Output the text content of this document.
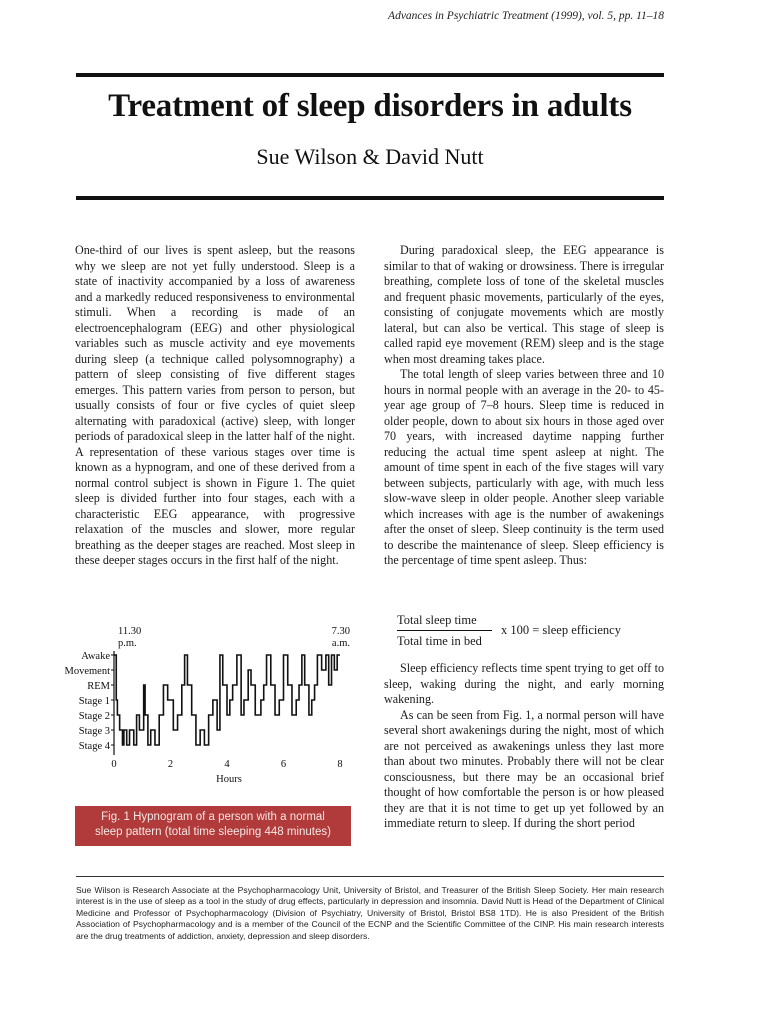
Advances in Psychiatric Treatment (1999), vol. 5, pp. 11–18
Treatment of sleep disorders in adults
Sue Wilson & David Nutt

One-third of our lives is spent asleep, but the reasons why we sleep are not yet fully understood. Sleep is a state of inactivity accompanied by a loss of awareness and a markedly reduced responsiveness to environmental stimuli. When a recording is made of an electroencephalogram (EEG) and other physiological variables such as muscle activity and eye movements during sleep (a technique called polysomnography) a pattern of sleep consisting of five different stages emerges. This pattern varies from person to person, but usually consists of four or five cycles of quiet sleep alternating with paradoxical (active) sleep, with longer periods of paradoxical sleep in the latter half of the night. A representation of these various stages over time is known as a hypnogram, and one of these derived from a normal control subject is shown in Figure 1. The quiet sleep is divided further into four stages, each with a characteristic EEG appearance, with progressive relaxation of the muscles and slower, more regular breathing as the deeper stages are reached. Most sleep in these deeper stages occurs in the first half of the night.

During paradoxical sleep, the EEG appearance is similar to that of waking or drowsiness. There is irregular breathing, complete loss of tone of the skeletal muscles and frequent phasic movements, particularly of the eyes, consisting of conjugate movements which are mostly lateral, but can also be vertical. This stage of sleep is called rapid eye movement (REM) sleep and is the stage when most dreaming takes place.

The total length of sleep varies between three and 10 hours in normal people with an average in the 20- to 45-year age group of 7–8 hours. Sleep time is reduced in older people, down to about six hours in those aged over 70 years, with increased daytime napping further reducing the actual time spent asleep at night. The amount of time spent in each of the five stages will vary between subjects, particularly with age, with much less slow-wave sleep in older people. Another sleep variable which increases with age is the number of awakenings after the onset of sleep. Sleep continuity is the term used to describe the maintenance of sleep. Sleep efficiency is the percentage of time spent asleep. Thus:

Total sleep time
Total time in bed
x 100 = sleep efficiency

Sleep efficiency reflects time spent trying to get off to sleep, waking during the night, and early morning wakening.

As can be seen from Fig. 1, a normal person will have several short awakenings during the night, most of which are not perceived as awakenings unless they last more than about two minutes. Probably there will not be clear consciousness, but there may be an occasional brief thought of how comfortable the person is or how pleased they are that it is not time to get up yet followed by an immediate return to sleep. If during the short period

Awake
Movement
REM
Stage 1
Stage 2
Stage 3
Stage 4
0	2	4	6	8
Hours
11.30
p.m.
7.30
a.m.
Fig. 1 Hypnogram of a person with a normal
sleep pattern (total time sleeping 448 minutes)
Sue Wilson is Research Associate at the Psychopharmacology Unit, University of Bristol, and Treasurer of the British Sleep Society. Her main research interest is in the use of sleep as a tool in the study of drug effects, particularly in depression and insomnia. David Nutt is Head of the Department of Clinical Medicine and Professor of Psychopharmacology (Division of Psychiatry, University of Bristol, Bristol BS8 1TD). He is also President of the British Association of Psychopharmacology and is a member of the Council of the ECNP and the Scientific Committee of the CINP. His main research interests are the drug treatments of addiction, anxiety, depression and sleep disorders.
